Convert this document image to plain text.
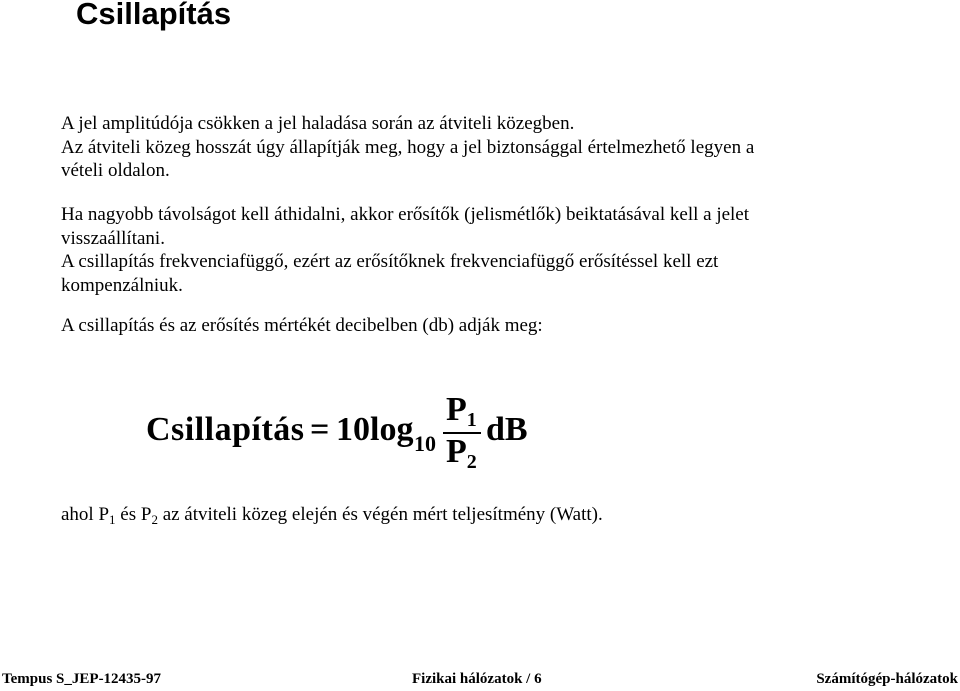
Csillapítás
A jel amplitúdója csökken a jel haladása során az átviteli közegben.
Az átviteli közeg hosszát úgy állapítják meg, hogy a jel biztonsággal értelmezhető legyen a
vételi oldalon.
Ha nagyobb távolságot kell áthidalni, akkor erősítők (jelismétlők) beiktatásával kell a jelet
visszaállítani.
A csillapítás frekvenciafüggő, ezért az erősítőknek frekvenciafüggő erősítéssel kell ezt
kompenzálniuk.
A csillapítás és az erősítés mértékét decibelben (db) adják meg:
Csillapítás = 10log 10
P1
P2
dB
ahol $P_1$ és $P_2$ az átviteli közeg elején és végén mért teljesítmény (Watt).
Tempus S_JEP-12435-97	Fizikai hálózatok / 6	Számítógép-hálózatok
